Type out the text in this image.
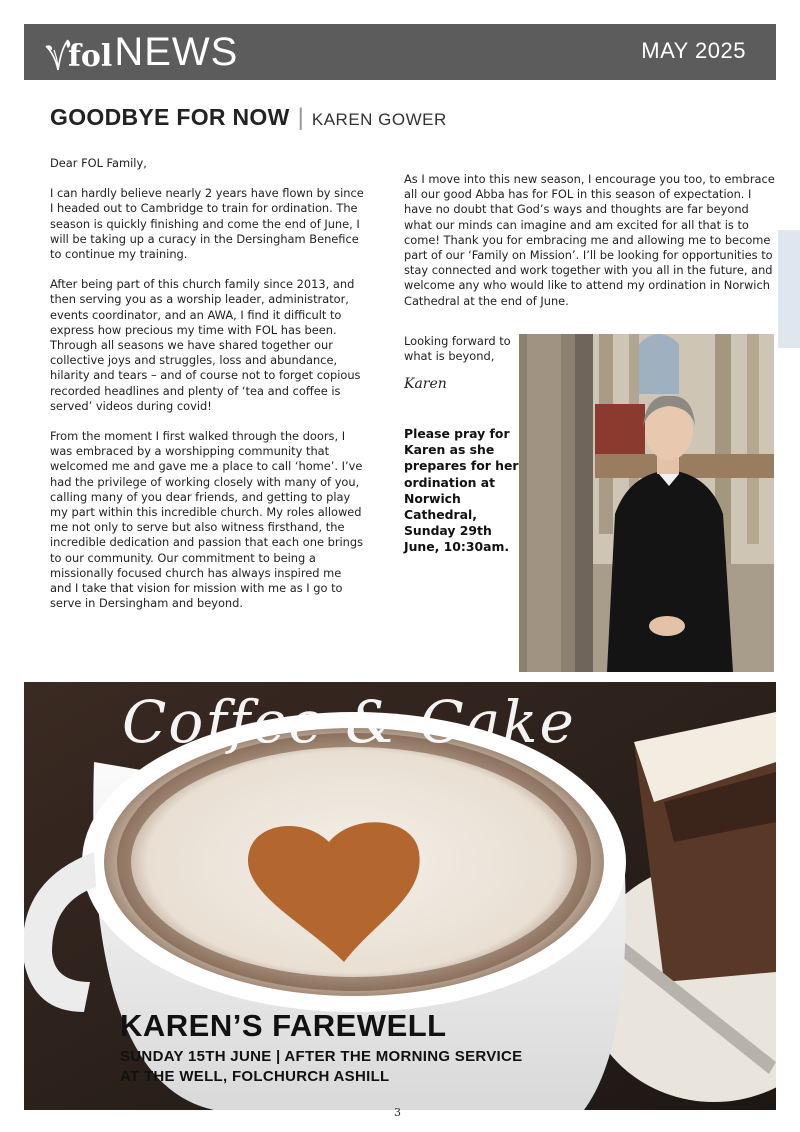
fol NEWS	MAY 2025
GOODBYE FOR NOW | KAREN GOWER

Dear FOL Family,

I can hardly believe nearly 2 years have flown by since I headed out to Cambridge to train for ordination. The season is quickly finishing and come the end of June, I will be taking up a curacy in the Dersingham Benefice to continue my training.

After being part of this church family since 2013, and then serving you as a worship leader, administrator, events coordinator, and an AWA, I find it difficult to express how precious my time with FOL has been. Through all seasons we have shared together our collective joys and struggles, loss and abundance, hilarity and tears – and of course not to forget copious recorded headlines and plenty of ‘tea and coffee is served’ videos during covid!

From the moment I first walked through the doors, I was embraced by a worshipping community that welcomed me and gave me a place to call ‘home’. I’ve had the privilege of working closely with many of you, calling many of you dear friends, and getting to play my part within this incredible church. My roles allowed me not only to serve but also witness firsthand, the incredible dedication and passion that each one brings to our community. Our commitment to being a missionally focused church has always inspired me and I take that vision for mission with me as I go to serve in Dersingham and beyond.

As I move into this new season, I encourage you too, to embrace all our good Abba has for FOL in this season of expectation. I have no doubt that God’s ways and thoughts are far beyond what our minds can imagine and am excited for all that is to come! Thank you for embracing me and allowing me to become part of our ‘Family on Mission’. I’ll be looking for opportunities to stay connected and work together with you all in the future, and welcome any who would like to attend my ordination in Norwich Cathedral at the end of June.

Looking forward to what is beyond,
Karen
Please pray for Karen as she prepares for her ordination at Norwich Cathedral, Sunday 29th June, 10:30am.
Coffee & Cake
KAREN’S FAREWELL
SUNDAY 15TH JUNE | AFTER THE MORNING SERVICE
AT THE WELL, FOLCHURCH ASHILL
3
